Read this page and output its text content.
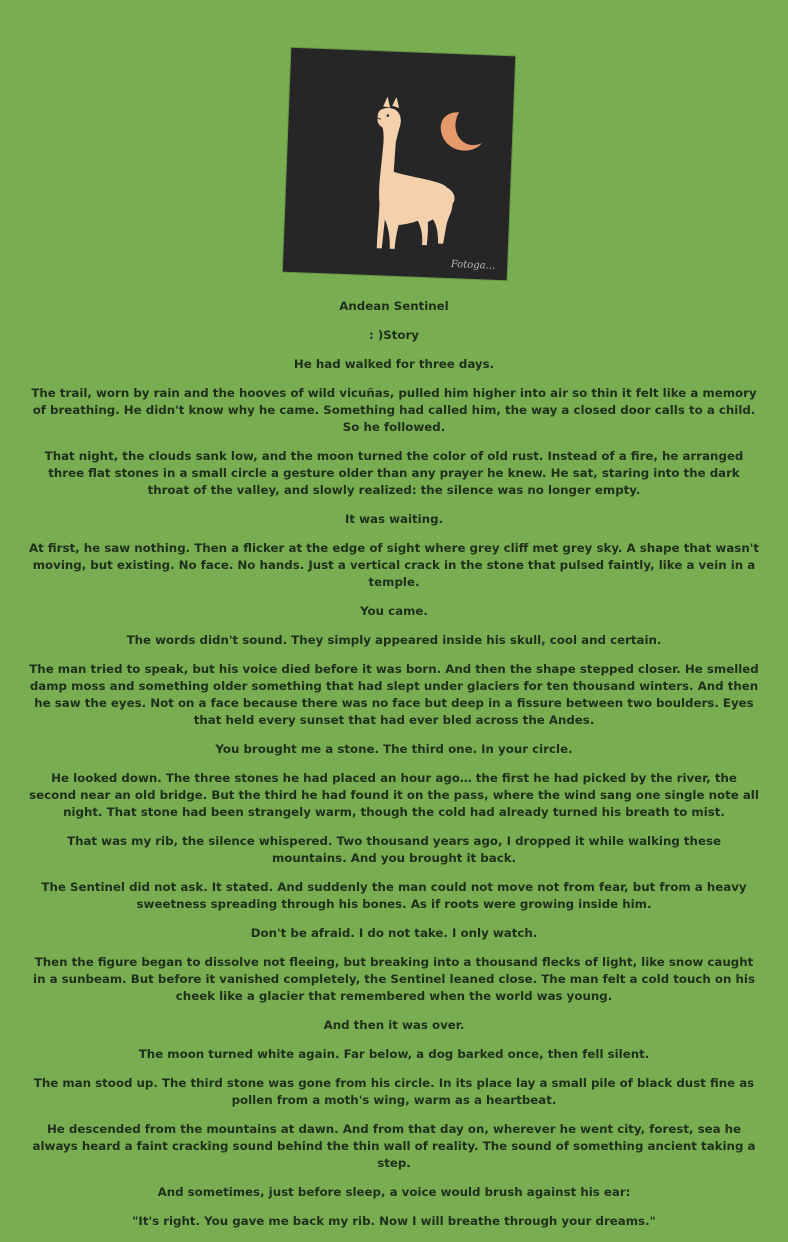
Fotoga...

Andean Sentinel

: )Story

He had walked for three days.

The trail, worn by rain and the hooves of wild vicuñas, pulled him higher into air so thin it felt like a memory of breathing. He didn't know why he came. Something had called him, the way a closed door calls to a child. So he followed.

That night, the clouds sank low, and the moon turned the color of old rust. Instead of a fire, he arranged three flat stones in a small circle a gesture older than any prayer he knew. He sat, staring into the dark throat of the valley, and slowly realized: the silence was no longer empty.

It was waiting.

At first, he saw nothing. Then a flicker at the edge of sight where grey cliff met grey sky. A shape that wasn't moving, but existing. No face. No hands. Just a vertical crack in the stone that pulsed faintly, like a vein in a temple.

You came.

The words didn't sound. They simply appeared inside his skull, cool and certain.

The man tried to speak, but his voice died before it was born. And then the shape stepped closer. He smelled damp moss and something older something that had slept under glaciers for ten thousand winters. And then he saw the eyes. Not on a face because there was no face but deep in a fissure between two boulders. Eyes that held every sunset that had ever bled across the Andes.

You brought me a stone. The third one. In your circle.

He looked down. The three stones he had placed an hour ago… the first he had picked by the river, the second near an old bridge. But the third he had found it on the pass, where the wind sang one single note all night. That stone had been strangely warm, though the cold had already turned his breath to mist.

That was my rib, the silence whispered. Two thousand years ago, I dropped it while walking these mountains. And you brought it back.

The Sentinel did not ask. It stated. And suddenly the man could not move not from fear, but from a heavy sweetness spreading through his bones. As if roots were growing inside him.

Don't be afraid. I do not take. I only watch.

Then the figure began to dissolve not fleeing, but breaking into a thousand flecks of light, like snow caught in a sunbeam. But before it vanished completely, the Sentinel leaned close. The man felt a cold touch on his cheek like a glacier that remembered when the world was young.

And then it was over.

The moon turned white again. Far below, a dog barked once, then fell silent.

The man stood up. The third stone was gone from his circle. In its place lay a small pile of black dust fine as pollen from a moth's wing, warm as a heartbeat.

He descended from the mountains at dawn. And from that day on, wherever he went city, forest, sea he always heard a faint cracking sound behind the thin wall of reality. The sound of something ancient taking a step.

And sometimes, just before sleep, a voice would brush against his ear:

"It's right. You gave me back my rib. Now I will breathe through your dreams."
